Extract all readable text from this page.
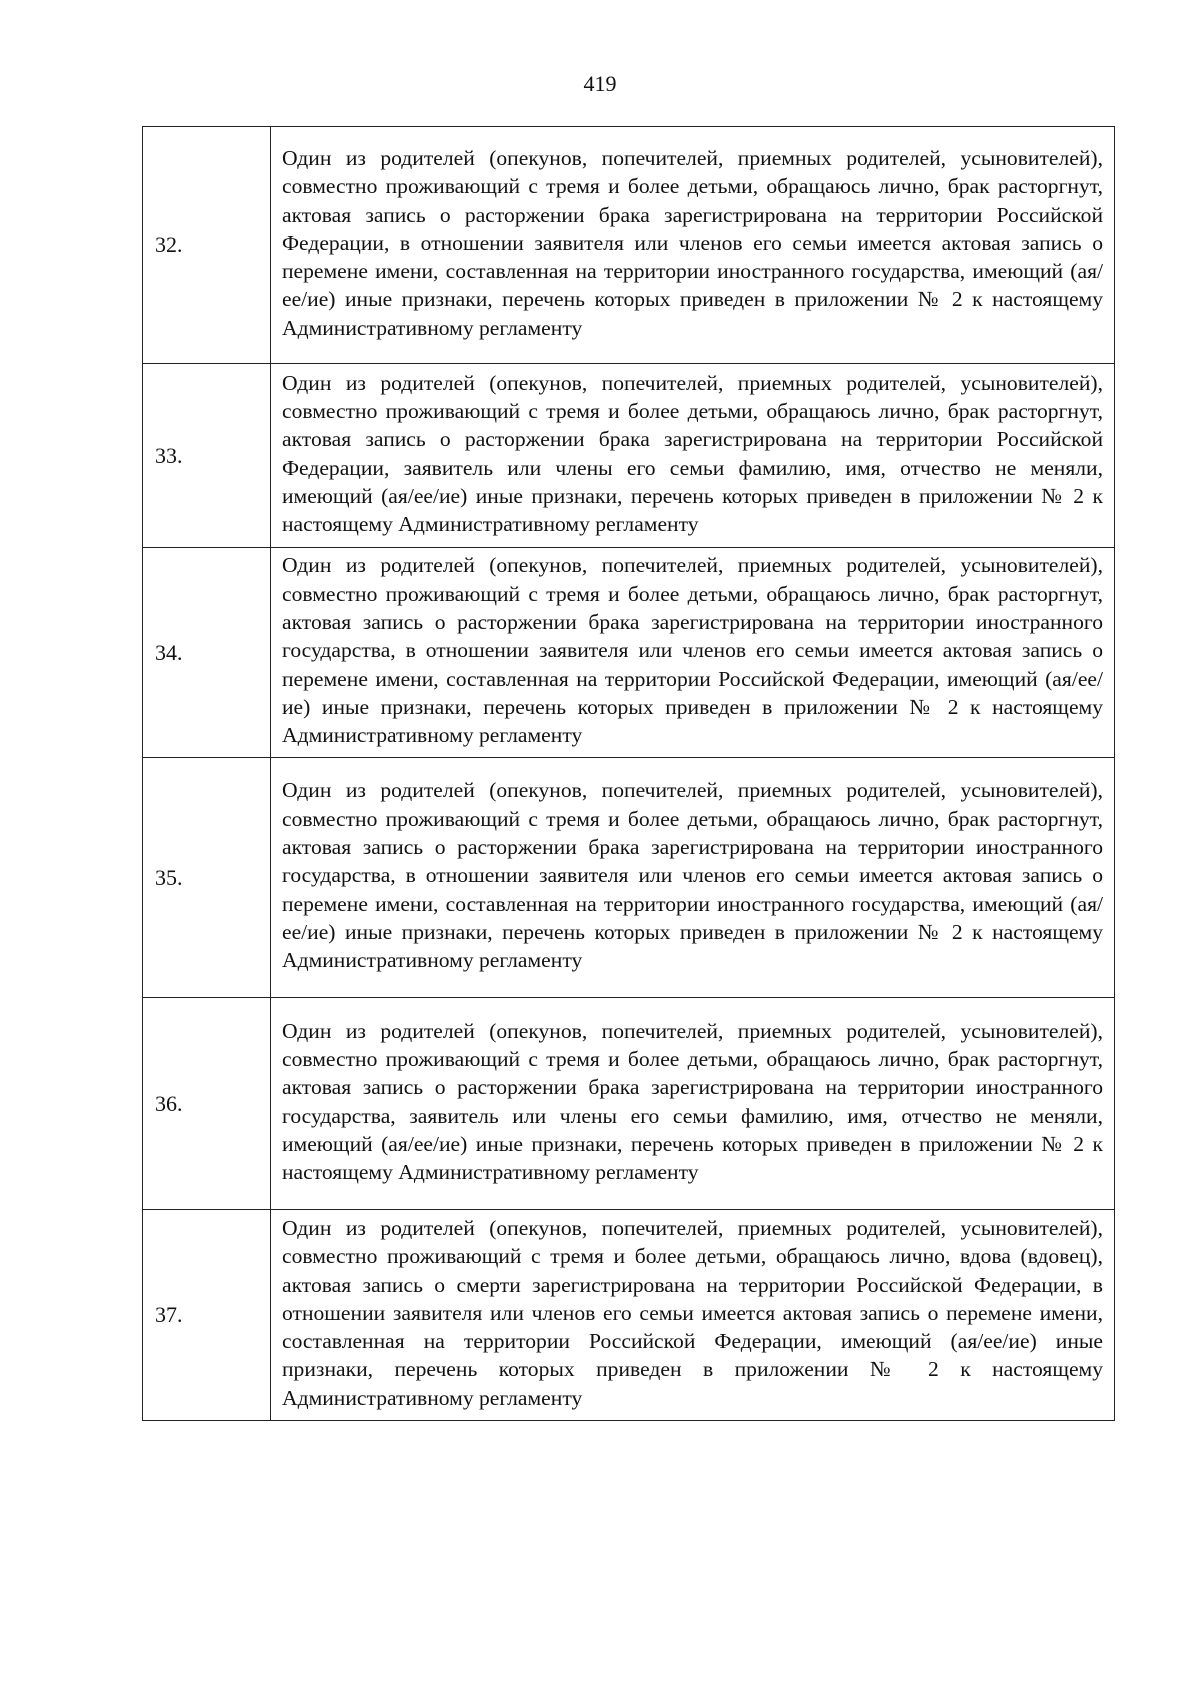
419
32.	Один из родителей (опекунов, попечителей, приемных родителей, усыновителей), совместно проживающий с тремя и более детьми, обращаюсь лично, брак расторгнут, актовая запись о расторжении брака зарегистрирована на территории Российской Федерации, в отношении заявителя или членов его семьи имеется актовая запись о перемене имени, составленная на территории иностранного государства, имеющий (ая/ее/ие) иные признаки, перечень которых приведен в приложении № 2 к настоящему Административному регламенту
33.	Один из родителей (опекунов, попечителей, приемных родителей, усыновителей), совместно проживающий с тремя и более детьми, обращаюсь лично, брак расторгнут, актовая запись о расторжении брака зарегистрирована на территории Российской Федерации, заявитель или члены его семьи фамилию, имя, отчество не меняли, имеющий (ая/ее/ие) иные признаки, перечень которых приведен в приложении № 2 к настоящему Административному регламенту
34.	Один из родителей (опекунов, попечителей, приемных родителей, усыновителей), совместно проживающий с тремя и более детьми, обращаюсь лично, брак расторгнут, актовая запись о расторжении брака зарегистрирована на территории иностранного государства, в отношении заявителя или членов его семьи имеется актовая запись о перемене имени, составленная на территории Российской Федерации, имеющий (ая/ее/ие) иные признаки, перечень которых приведен в приложении № 2 к настоящему Административному регламенту
35.	Один из родителей (опекунов, попечителей, приемных родителей, усыновителей), совместно проживающий с тремя и более детьми, обращаюсь лично, брак расторгнут, актовая запись о расторжении брака зарегистрирована на территории иностранного государства, в отношении заявителя или членов его семьи имеется актовая запись о перемене имени, составленная на территории иностранного государства, имеющий (ая/ее/ие) иные признаки, перечень которых приведен в приложении № 2 к настоящему Административному регламенту
36.	Один из родителей (опекунов, попечителей, приемных родителей, усыновителей), совместно проживающий с тремя и более детьми, обращаюсь лично, брак расторгнут, актовая запись о расторжении брака зарегистрирована на территории иностранного государства, заявитель или члены его семьи фамилию, имя, отчество не меняли, имеющий (ая/ее/ие) иные признаки, перечень которых приведен в приложении № 2 к настоящему Административному регламенту
37.	Один из родителей (опекунов, попечителей, приемных родителей, усыновителей), совместно проживающий с тремя и более детьми, обращаюсь лично, вдова (вдовец), актовая запись о смерти зарегистрирована на территории Российской Федерации, в отношении заявителя или членов его семьи имеется актовая запись о перемене имени, составленная на территории Российской Федерации, имеющий (ая/ее/ие) иные признаки, перечень которых приведен в приложении № 2 к настоящему Административному регламенту
